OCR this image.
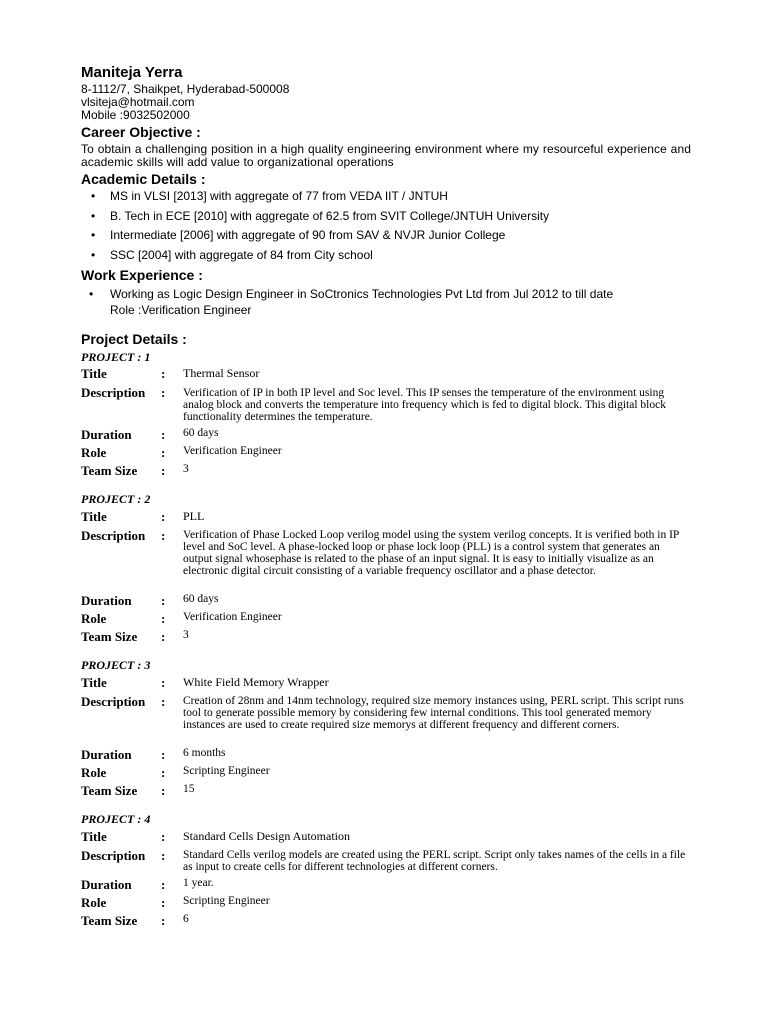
Maniteja Yerra
8-1112/7, Shaikpet, Hyderabad-500008
vlsiteja@hotmail.com
Mobile :9032502000
Career Objective :
To obtain a challenging position in a high quality engineering environment where my resourceful experience and academic skills will add value to organizational operations
Academic Details :
• MS in VLSI [2013] with aggregate of 77 from VEDA IIT / JNTUH
• B. Tech in ECE [2010] with aggregate of 62.5 from SVIT College/JNTUH University
• Intermediate [2006] with aggregate of 90 from SAV & NVJR Junior College
• SSC [2004] with aggregate of 84 from City school
Work Experience :
• Working as Logic Design Engineer in SoCtronics Technologies Pvt Ltd from Jul 2012 to till date
Role :Verification Engineer
Project Details :
PROJECT : 1
Title	: Thermal Sensor
Description : Verification of IP in both IP level and Soc level. This IP senses the temperature of the environment using analog block and converts the temperature into frequency which is fed to digital block. This digital block functionality determines the temperature.
Duration : 60 days
Role	: Verification Engineer
Team Size : 3
PROJECT : 2
Title	: PLL
Description : Verification of Phase Locked Loop verilog model using the system verilog concepts. It is verified both in IP level and SoC level. A phase-locked loop or phase lock loop (PLL) is a control system that generates an output signal whosephase is related to the phase of an input signal. It is easy to initially visualize as an electronic digital circuit consisting of a variable frequency oscillator and a phase detector.
Duration : 60 days
Role	: Verification Engineer
Team Size : 3
PROJECT : 3
Title	: White Field Memory Wrapper
Description : Creation of 28nm and 14nm technology, required size memory instances using, PERL script. This script runs tool to generate possible memory by considering few internal conditions. This tool generated memory instances are used to create required size memorys at different frequency and different corners.
Duration : 6 months
Role	: Scripting Engineer
Team Size : 15
PROJECT : 4
Title	: Standard Cells Design Automation
Description : Standard Cells verilog models are created using the PERL script. Script only takes names of the cells in a file as input to create cells for different technologies at different corners.
Duration : 1 year.
Role	: Scripting Engineer
Team Size : 6
